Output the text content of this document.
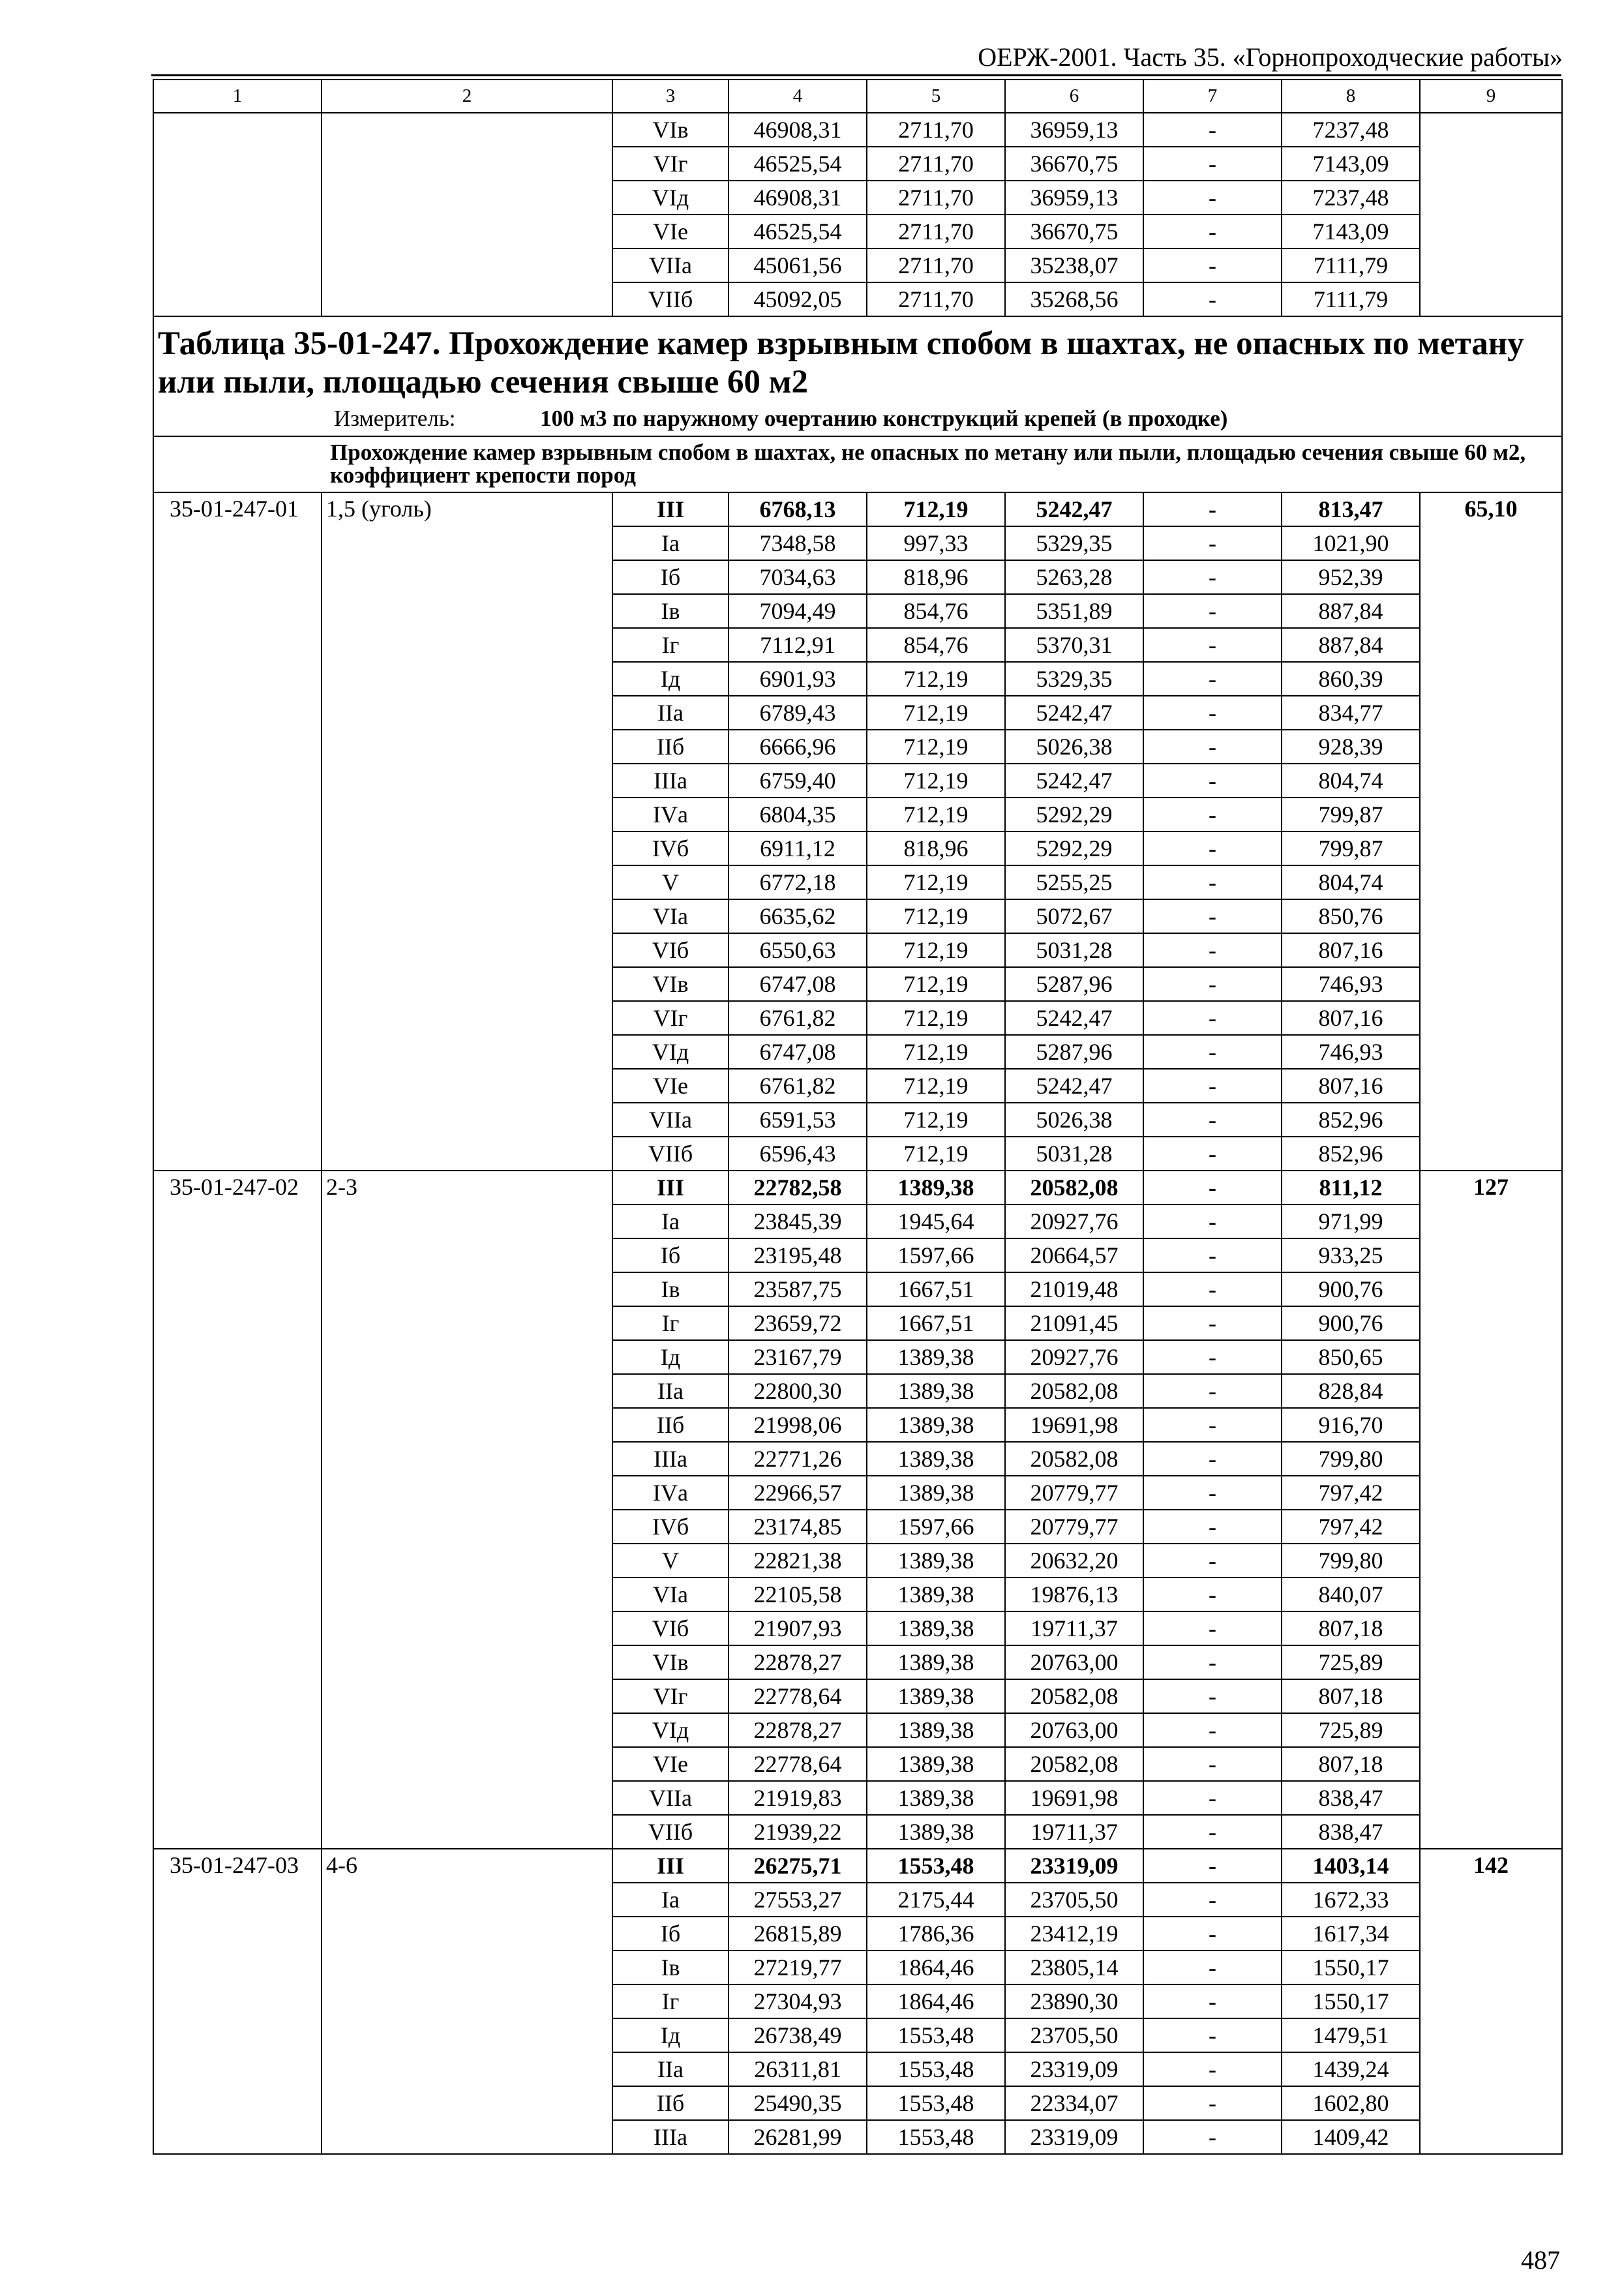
ОЕРЖ-2001. Часть 35. «Горнопроходческие работы»
1	2	3	4	5	6	7	8	9
		VIв	46908,31	2711,70	36959,13	-	7237,48	
		VIг	46525,54	2711,70	36670,75	-	7143,09	
		VIд	46908,31	2711,70	36959,13	-	7237,48	
		VIе	46525,54	2711,70	36670,75	-	7143,09	
		VIIа	45061,56	2711,70	35238,07	-	7111,79	
		VIIб	45092,05	2711,70	35268,56	-	7111,79	

Таблица 35-01-247. Прохождение камер взрывным спобом в шахтах, не опасных по метану или пыли, площадью сечения свыше 60 м2
Измеритель: 100 м3 по наружному очертанию конструкций крепей (в проходке)								

Прохождение камер взрывным спобом в шахтах, не опасных по метану или пыли, площадью сечения свыше 60 м2, коэффициент крепости пород								
35-01-247-01	1,5 (уголь)	III	6768,13	712,19	5242,47	-	813,47	65,10
		Iа	7348,58	997,33	5329,35	-	1021,90	
		Iб	7034,63	818,96	5263,28	-	952,39	
		Iв	7094,49	854,76	5351,89	-	887,84	
		Iг	7112,91	854,76	5370,31	-	887,84	
		Iд	6901,93	712,19	5329,35	-	860,39	
		IIа	6789,43	712,19	5242,47	-	834,77	
		IIб	6666,96	712,19	5026,38	-	928,39	
		IIIа	6759,40	712,19	5242,47	-	804,74	
		IVа	6804,35	712,19	5292,29	-	799,87	
		IVб	6911,12	818,96	5292,29	-	799,87	
		V	6772,18	712,19	5255,25	-	804,74	
		VIа	6635,62	712,19	5072,67	-	850,76	
		VIб	6550,63	712,19	5031,28	-	807,16	
		VIв	6747,08	712,19	5287,96	-	746,93	
		VIг	6761,82	712,19	5242,47	-	807,16	
		VIд	6747,08	712,19	5287,96	-	746,93	
		VIе	6761,82	712,19	5242,47	-	807,16	
		VIIа	6591,53	712,19	5026,38	-	852,96	
		VIIб	6596,43	712,19	5031,28	-	852,96	
35-01-247-02	2-3	III	22782,58	1389,38	20582,08	-	811,12	127
		Iа	23845,39	1945,64	20927,76	-	971,99	
		Iб	23195,48	1597,66	20664,57	-	933,25	
		Iв	23587,75	1667,51	21019,48	-	900,76	
		Iг	23659,72	1667,51	21091,45	-	900,76	
		Iд	23167,79	1389,38	20927,76	-	850,65	
		IIа	22800,30	1389,38	20582,08	-	828,84	
		IIб	21998,06	1389,38	19691,98	-	916,70	
		IIIа	22771,26	1389,38	20582,08	-	799,80	
		IVа	22966,57	1389,38	20779,77	-	797,42	
		IVб	23174,85	1597,66	20779,77	-	797,42	
		V	22821,38	1389,38	20632,20	-	799,80	
		VIа	22105,58	1389,38	19876,13	-	840,07	
		VIб	21907,93	1389,38	19711,37	-	807,18	
		VIв	22878,27	1389,38	20763,00	-	725,89	
		VIг	22778,64	1389,38	20582,08	-	807,18	
		VIд	22878,27	1389,38	20763,00	-	725,89	
		VIе	22778,64	1389,38	20582,08	-	807,18	
		VIIа	21919,83	1389,38	19691,98	-	838,47	
		VIIб	21939,22	1389,38	19711,37	-	838,47	
35-01-247-03	4-6	III	26275,71	1553,48	23319,09	-	1403,14	142
		Iа	27553,27	2175,44	23705,50	-	1672,33	
		Iб	26815,89	1786,36	23412,19	-	1617,34	
		Iв	27219,77	1864,46	23805,14	-	1550,17	
		Iг	27304,93	1864,46	23890,30	-	1550,17	
		Iд	26738,49	1553,48	23705,50	-	1479,51	
		IIа	26311,81	1553,48	23319,09	-	1439,24	
		IIб	25490,35	1553,48	22334,07	-	1602,80	
		IIIа	26281,99	1553,48	23319,09	-	1409,42	
487
